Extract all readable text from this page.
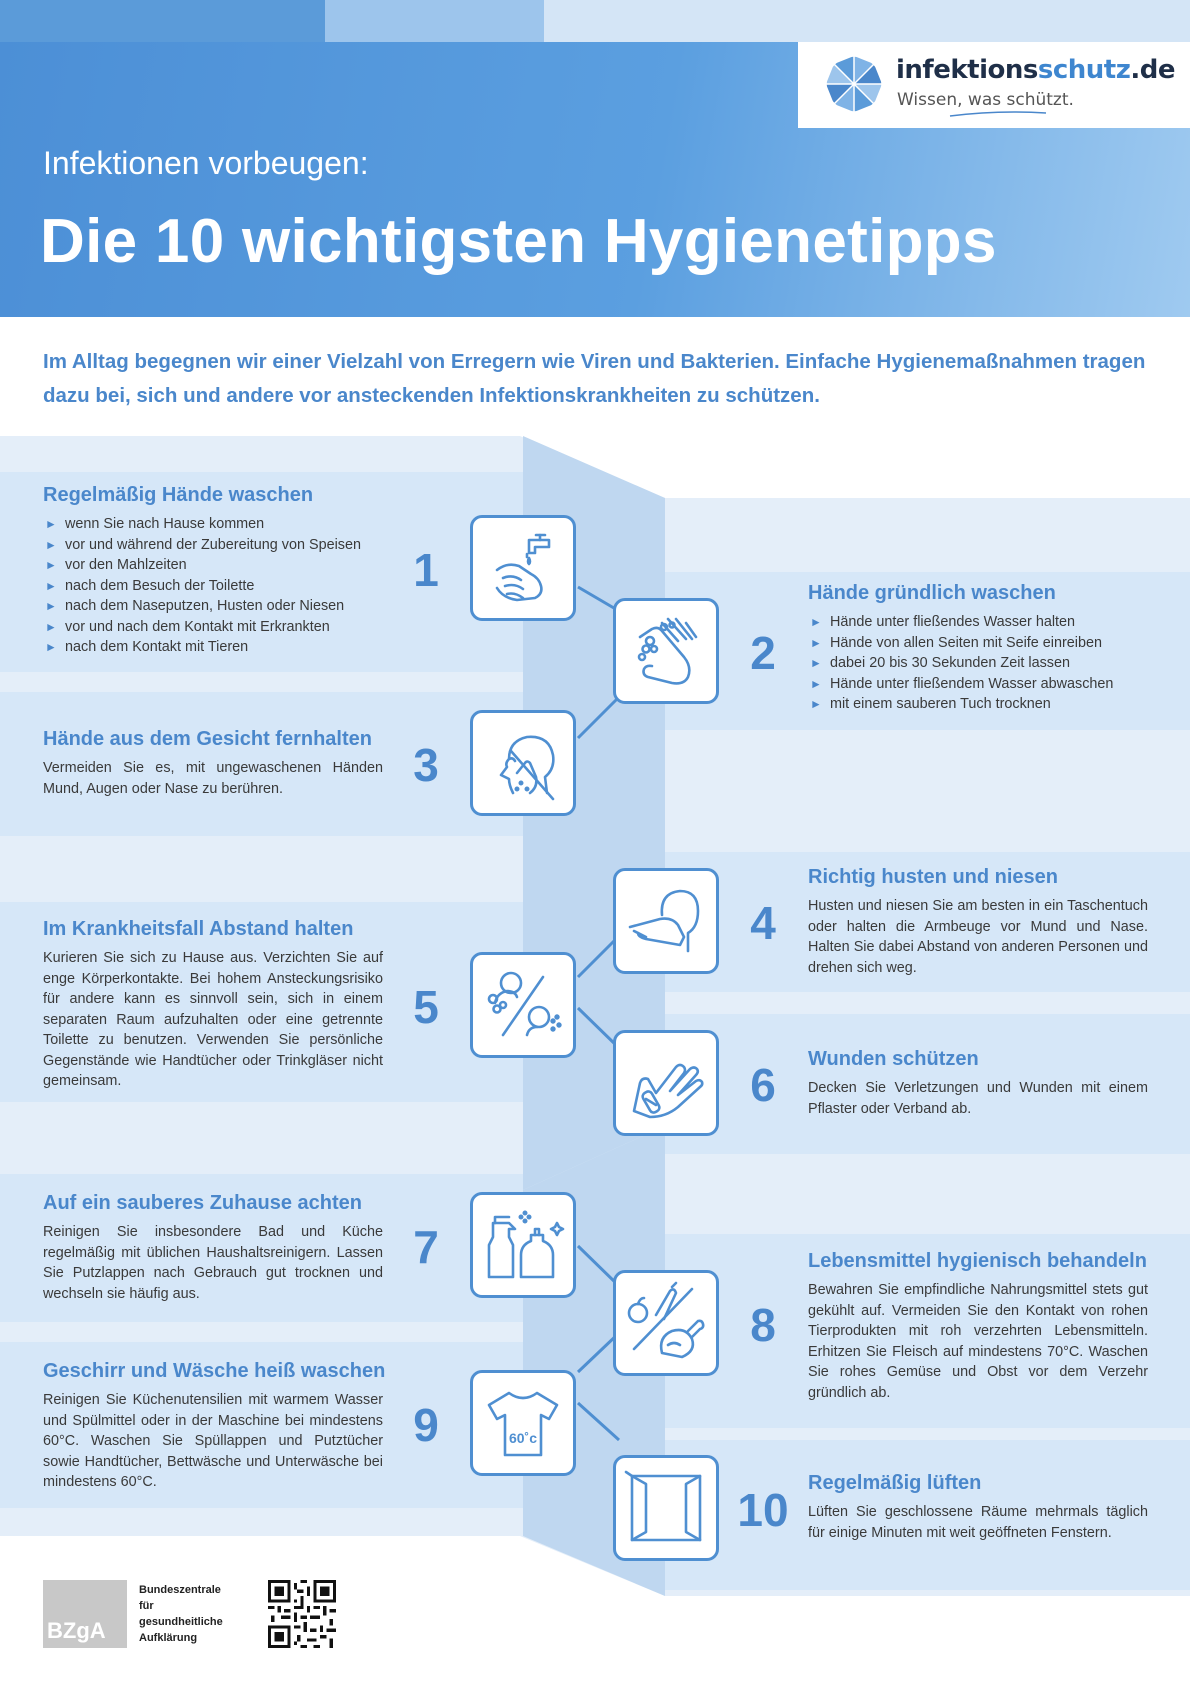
infektionsschutz.de
Wissen, was schützt.
Infektionen vorbeugen:
Die 10 wichtigsten Hygienetipps

Im Alltag begegnen wir einer Vielzahl von Erregern wie Viren und Bakterien. Einfache Hygienemaßnahmen tragen dazu bei, sich und andere vor ansteckenden Infektionskrankheiten zu schützen.

60˚c
1
2
3
4
5
6
7
8
9
10
Regelmäßig Hände waschen
► wenn Sie nach Hause kommen
► vor und während der Zubereitung von Speisen
► vor den Mahlzeiten
► nach dem Besuch der Toilette
► nach dem Naseputzen, Husten oder Niesen
► vor und nach dem Kontakt mit Erkrankten
► nach dem Kontakt mit Tieren
Hände gründlich waschen
► Hände unter fließendes Wasser halten
► Hände von allen Seiten mit Seife einreiben
► dabei 20 bis 30 Sekunden Zeit lassen
► Hände unter fließendem Wasser abwaschen
► mit einem sauberen Tuch trocknen
Hände aus dem Gesicht fernhalten

Vermeiden Sie es, mit ungewaschenen Händen Mund, Augen oder Nase zu berühren.

Richtig husten und niesen

Husten und niesen Sie am besten in ein Taschentuch oder halten die Armbeuge vor Mund und Nase. Halten Sie dabei Abstand von anderen Personen und drehen sich weg.

Im Krankheitsfall Abstand halten

Kurieren Sie sich zu Hause aus. Verzichten Sie auf enge Körperkontakte. Bei hohem Ansteckungsrisiko für andere kann es sinnvoll sein, sich in einem separaten Raum aufzuhalten oder eine getrennte Toilette zu benutzen. Verwenden Sie persönliche Gegenstände wie Handtücher oder Trinkgläser nicht gemeinsam.

Wunden schützen

Decken Sie Verletzungen und Wunden mit einem Pflaster oder Verband ab.

Auf ein sauberes Zuhause achten

Reinigen Sie insbesondere Bad und Küche regelmäßig mit üblichen Haushaltsreinigern. Lassen Sie Putzlappen nach Gebrauch gut trocknen und wechseln sie häufig aus.

Lebensmittel hygienisch behandeln

Bewahren Sie empfindliche Nahrungsmittel stets gut gekühlt auf. Vermeiden Sie den Kontakt von rohen Tierprodukten mit roh verzehrten Lebensmitteln. Erhitzen Sie Fleisch auf mindestens 70°C. Waschen Sie rohes Gemüse und Obst vor dem Verzehr gründlich ab.

Geschirr und Wäsche heiß waschen

Reinigen Sie Küchenutensilien mit warmem Wasser und Spülmittel oder in der Maschine bei mindestens 60°C. Waschen Sie Spüllappen und Putztücher sowie Handtücher, Bettwäsche und Unterwäsche bei mindestens 60°C.	Regelmäßig lüften

Lüften Sie geschlossene Räume mehrmals täglich für einige Minuten mit weit geöffneten Fenstern.

BZgA
Bundeszentrale
für
gesundheitliche
Aufklärung
